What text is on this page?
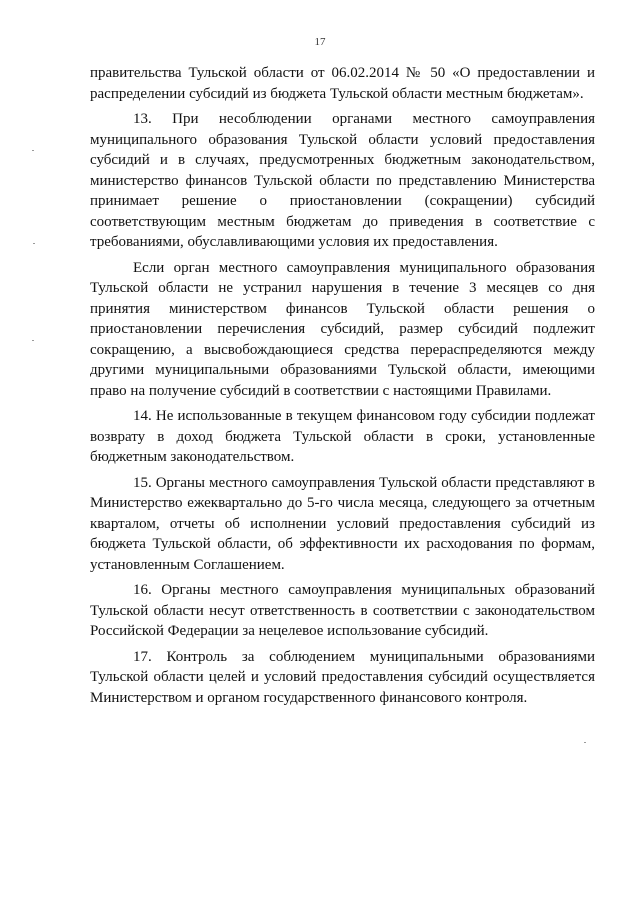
17

правительства Тульской области от 06.02.2014 № 50 «О предоставлении и распределении субсидий из бюджета Тульской области местным бюджетам».

13. При несоблюдении органами местного самоуправления муниципального образования Тульской области условий предоставления субсидий и в случаях, предусмотренных бюджетным законодательством, министерство финансов Тульской области по представлению Министерства принимает решение о приостановлении (сокращении) субсидий соответствующим местным бюджетам до приведения в соответствие с требованиями, обуславливающими условия их предоставления.

Если орган местного самоуправления муниципального образования Тульской области не устранил нарушения в течение 3 месяцев со дня принятия министерством финансов Тульской области решения о приостановлении перечисления субсидий, размер субсидий подлежит сокращению, а высвобождающиеся средства перераспределяются между другими муниципальными образованиями Тульской области, имеющими право на получение субсидий в соответствии с настоящими Правилами.

14. Не использованные в текущем финансовом году субсидии подлежат возврату в доход бюджета Тульской области в сроки, установленные бюджетным законодательством.

15. Органы местного самоуправления Тульской области представляют в Министерство ежеквартально до 5-го числа месяца, следующего за отчетным кварталом, отчеты об исполнении условий предоставления субсидий из бюджета Тульской области, об эффективности их расходования по формам, установленным Соглашением.

16. Органы местного самоуправления муниципальных образований Тульской области несут ответственность в соответствии с законодательством Российской Федерации за нецелевое использование субсидий.

17. Контроль за соблюдением муниципальными образованиями Тульской области целей и условий предоставления субсидий осуществляется Министерством и органом государственного финансового контроля.
